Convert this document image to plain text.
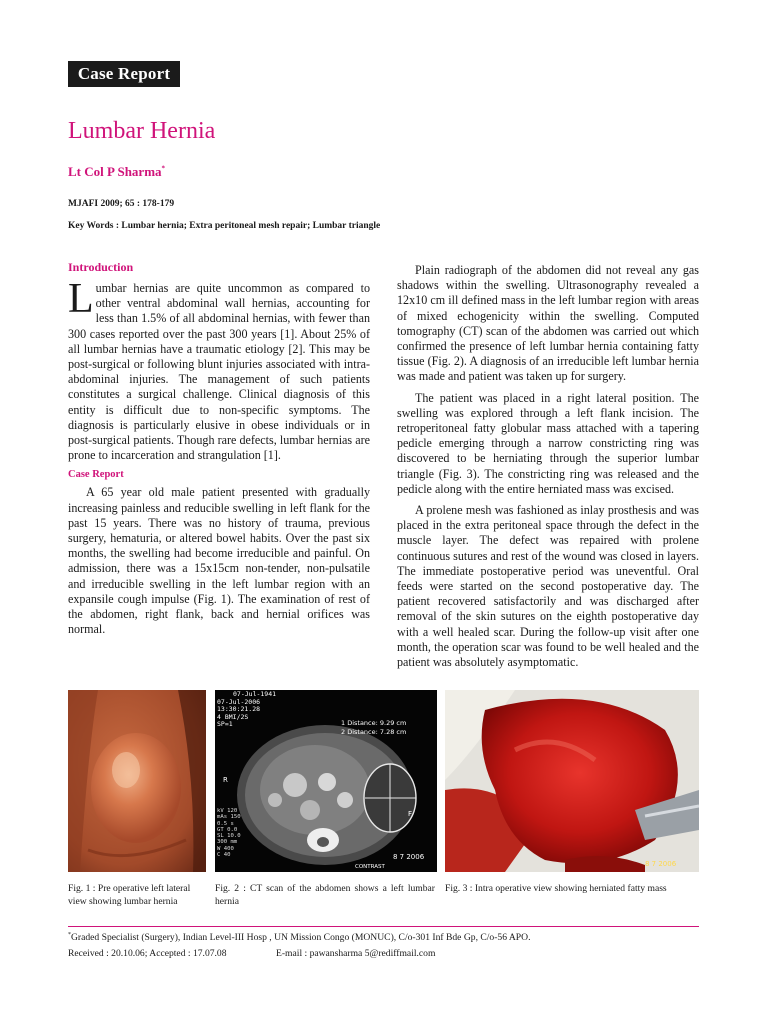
Case Report
Lumbar Hernia
Lt Col P Sharma*
MJAFI 2009; 65 : 178-179
Key Words : Lumbar hernia; Extra peritoneal mesh repair; Lumbar triangle
Introduction
Lumbar hernias are quite uncommon as compared to other ventral abdominal wall hernias, accounting for less than 1.5% of all abdominal hernias, with fewer than 300 cases reported over the past 300 years [1]. About 25% of all lumbar hernias have a traumatic etiology [2]. This may be post-surgical or following blunt injuries associated with intra-abdominal injuries. The management of such patients constitutes a surgical challenge. Clinical diagnosis of this entity is difficult due to non-specific symptoms. The diagnosis is particularly elusive in obese individuals or in post-surgical patients. Though rare defects, lumbar hernias are prone to incarceration and strangulation [1].
Case Report
A 65 year old male patient presented with gradually increasing painless and reducible swelling in left flank for the past 15 years. There was no history of trauma, previous surgery, hematuria, or altered bowel habits. Over the past six months, the swelling had become irreducible and painful. On admission, there was a 15x15cm non-tender, non-pulsatile and irreducible swelling in the left lumbar region with an expansile cough impulse (Fig. 1). The examination of rest of the abdomen, right flank, back and hernial orifices was normal.

Plain radiograph of the abdomen did not reveal any gas shadows within the swelling. Ultrasonography revealed a 12x10 cm ill defined mass in the left lumbar region with areas of mixed echogenicity within the swelling. Computed tomography (CT) scan of the abdomen was carried out which confirmed the presence of left lumbar hernia containing fatty tissue (Fig. 2). A diagnosis of an irreducible left lumbar hernia was made and patient was taken up for surgery.

The patient was placed in a right lateral position. The swelling was explored through a left flank incision. The retroperitoneal fatty globular mass attached with a tapering pedicle emerging through a narrow constricting ring was discovered to be herniating through the superior lumbar triangle (Fig. 3). The constricting ring was released and the pedicle along with the entire herniated mass was excised.

A prolene mesh was fashioned as inlay prosthesis and was placed in the extra peritoneal space through the defect in the muscle layer. The defect was repaired with prolene continuous sutures and rest of the wound was closed in layers. The immediate postoperative period was uneventful. Oral feeds were started on the second postoperative day. The patient recovered satisfactorily and was discharged after removal of the skin sutures on the eighth postoperative day with a well healed scar. During the follow-up visit after one month, the operation scar was found to be well healed and the patient was absolutely asymptomatic.

07-Jul-1941
07-Jul-2006
13:30:21.28
4 BMI/2S
SP=1	1 Distance: 9.29 cm
2 Distance: 7.28 cm
R
F
kV 120
mAs 150
0.5 s
GT 0.0
SL 10.0
300 mm
W 400
C 40
CONTRAST
8 7 2006
8 7 2006
Fig. 1 : Pre operative left lateral view showing lumbar hernia
Fig. 2 : CT scan of the abdomen shows a left lumbar hernia
Fig. 3 : Intra operative view showing herniated fatty mass
*Graded Specialist (Surgery), Indian Level-III Hosp , UN Mission Congo (MONUC), C/o-301 Inf Bde Gp, C/o-56 APO.
Received : 20.10.06; Accepted : 17.07.08	E-mail : pawansharma 5@rediffmail.com
